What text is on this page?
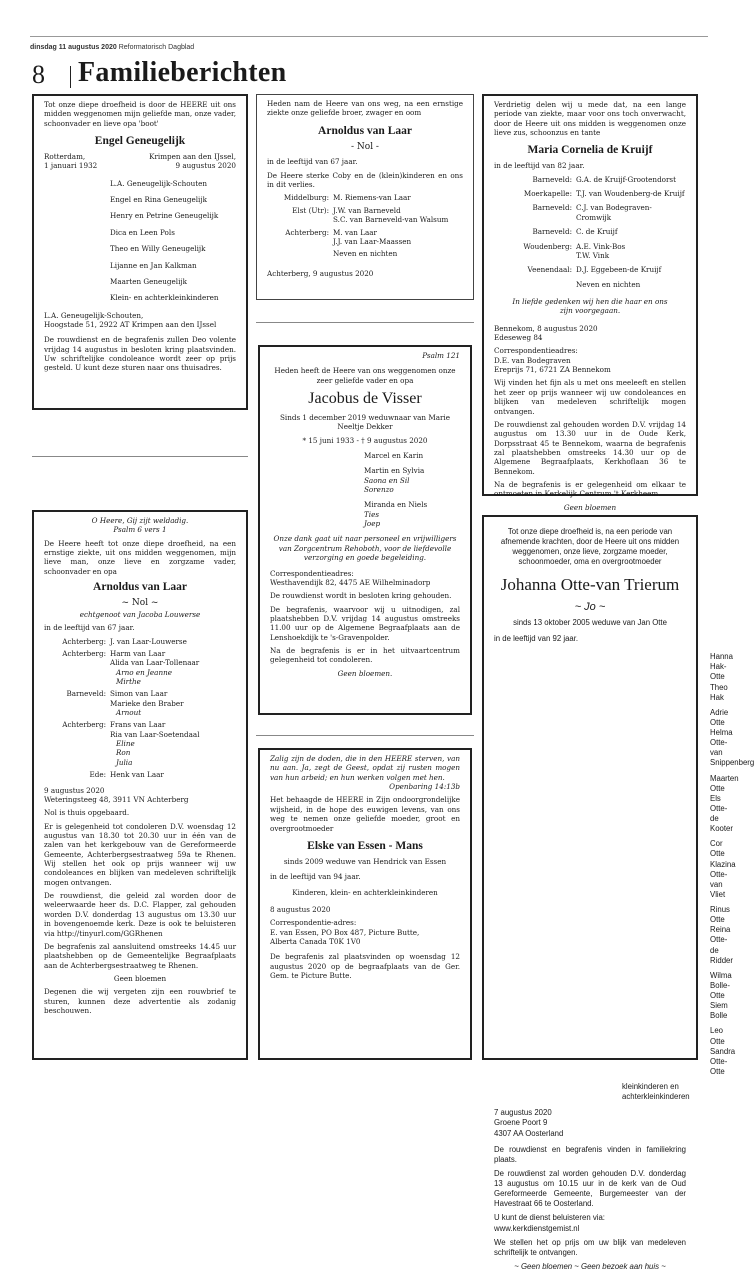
dinsdag 11 augustus 2020 Reformatorisch Dagblad
8 Familieberichten

Tot onze diepe droefheid is door de HEERE uit ons midden weggenomen mijn geliefde man, onze vader, schoonvader en lieve opa 'boot'

Engel Geneugelijk
Rotterdam,
1 januari 1932
Krimpen aan den IJssel,
9 augustus 2020
L.A. Geneugelijk-Schouten
Engel en Rina Geneugelijk
Henry en Petrine Geneugelijk
Dica en Leen Pols
Theo en Willy Geneugelijk
Lijanne en Jan Kalkman
Maarten Geneugelijk
Klein- en achterkleinkinderen
L.A. Geneugelijk-Schouten,
Hoogstade 51, 2922 AT Krimpen aan den IJssel

De rouwdienst en de begrafenis zullen Deo volente vrijdag 14 augustus in besloten kring plaatsvinden. Uw schriftelijke condoleance wordt zeer op prijs gesteld. U kunt deze sturen naar ons thuisadres.

Heden nam de Heere van ons weg, na een ernstige ziekte onze geliefde broer, zwager en oom

Arnoldus van Laar
- Nol -

in de leeftijd van 67 jaar.

De Heere sterke Coby en de (klein)kinderen en ons in dit verlies.

Middelburg: M. Riemens-van Laar
Elst (Utr): J.W. van Barneveld
S.C. van Barneveld-van Walsum
Achterberg: M. van Laar
J.J. van Laar-Maassen
Neven en nichten

Achterberg, 9 augustus 2020

Psalm 121

Heden heeft de Heere van ons weggenomen onze zeer geliefde vader en opa

Jacobus de Visser

Sinds 1 december 2019 weduwnaar van Marie Neeltje Dekker

* 15 juni 1933 - † 9 augustus 2020

Marcel en Karin
Martin en Sylvia
Saona en Sil
Sorenzo
Miranda en Niels
Ties
Joep

Onze dank gaat uit naar personeel en vrijwilligers van Zorgcentrum Rehoboth, voor de liefdevolle verzorging en goede begeleiding.

Correspondentieadres:

Westhavendijk 82, 4475 AE Wilhelminadorp

De rouwdienst wordt in besloten kring gehouden.

De begrafenis, waarvoor wij u uitnodigen, zal plaatshebben D.V. vrijdag 14 augustus omstreeks 11.00 uur op de Algemene Begraafplaats aan de Lenshoekdijk te 's-Gravenpolder.

Na de begrafenis is er in het uitvaartcentrum gelegenheid tot condoleren.

Geen bloemen.

Verdrietig delen wij u mede dat, na een lange periode van ziekte, maar voor ons toch onverwacht, door de Heere uit ons midden is weggenomen onze lieve zus, schoonzus en tante

Maria Cornelia de Kruijf

in de leeftijd van 82 jaar.

Barneveld: G.A. de Kruijf-Grootendorst
Moerkapelle: T.J. van Woudenberg-de Kruijf
Barneveld: C.J. van Bodegraven-Cromwijk
Barneveld: C. de Kruijf
Woudenberg: A.E. Vink-Bos
T.W. Vink
Veenendaal: D.J. Eggebeen-de Kruijf
Neven en nichten

In liefde gedenken wij hen die haar en ons zijn voorgegaan.

Bennekom, 8 augustus 2020
Edeseweg 84
Correspondentieadres:
D.E. van Bodegraven
Ereprijs 71, 6721 ZA Bennekom

Wij vinden het fijn als u met ons meeleeft en stellen het zeer op prijs wanneer wij uw condoleances en blijken van medeleven schriftelijk mogen ontvangen.

De rouwdienst zal gehouden worden D.V. vrijdag 14 augustus om 13.30 uur in de Oude Kerk, Dorpsstraat 45 te Bennekom, waarna de begrafenis zal plaatshebben omstreeks 14.30 uur op de Algemene Begraafplaats, Kerkhoflaan 36 te Bennekom.

Na de begrafenis is er gelegenheid om elkaar te ontmoeten in Kerkelijk Centrum 't Kerkheem.

Geen bloemen

O Heere, Gij zijt weldadig.
Psalm 6 vers 1

De Heere heeft tot onze diepe droefheid, na een ernstige ziekte, uit ons midden weggenomen, mijn lieve man, onze lieve en zorgzame vader, schoonvader en opa

Arnoldus van Laar
~ Nol ~
echtgenoot van Jacoba Louwerse

in de leeftijd van 67 jaar.

Achterberg: J. van Laar-Louwerse
Achterberg: Harm van Laar
Alida van Laar-Tollenaar
Arno en Jeanne
Mirthe
Barneveld: Simon van Laar
Marieke den Braber
Arnout
Achterberg: Frans van Laar
Ria van Laar-Soetendaal
Eline
Ron
Julia
Ede: Henk van Laar
9 augustus 2020
Weteringsteeg 48, 3911 VN Achterberg

Nol is thuis opgebaard.

Er is gelegenheid tot condoleren D.V. woensdag 12 augustus van 18.30 tot 20.30 uur in één van de zalen van het kerkgebouw van de Gereformeerde Gemeente, Achterbergsestraatweg 59a te Rhenen. Wij stellen het ook op prijs wanneer wij uw condoleances en blijken van medeleven schriftelijk mogen ontvangen.

De rouwdienst, die geleid zal worden door de weleerwaarde heer ds. D.C. Flapper, zal gehouden worden D.V. donderdag 13 augustus om 13.30 uur in bovengenoemde kerk. Deze is ook te beluisteren via http://tinyurl.com/GGRhenen

De begrafenis zal aansluitend omstreeks 14.45 uur plaatshebben op de Gemeentelijke Begraafplaats aan de Achterbergsestraatweg te Rhenen.

Geen bloemen

Degenen die wij vergeten zijn een rouwbrief te sturen, kunnen deze advertentie als zodanig beschouwen.

Zalig zijn de doden, die in den HEERE sterven, van nu aan. Ja, zegt de Geest, opdat zij rusten mogen van hun arbeid; en hun werken volgen met hen.

Openbaring 14:13b

Het behaagde de HEERE in Zijn ondoorgrondelijke wijsheid, in de hope des euwigen levens, van ons weg te nemen onze geliefde moeder, groot en overgrootmoeder

Elske van Essen - Mans
sinds 2009 weduwe van Hendrick van Essen

in de leeftijd van 94 jaar.

Kinderen, klein- en achterkleinkinderen

8 augustus 2020
Correspondentie-adres:
E. van Essen, PO Box 487, Picture Butte,
Alberta Canada T0K 1V0

De begrafenis zal plaatsvinden op woensdag 12 augustus 2020 op de begraafplaats van de Ger. Gem. te Picture Butte.

Tot onze diepe droefheid is, na een periode van afnemende krachten, door de Heere uit ons midden weggenomen, onze lieve, zorgzame moeder, schoonmoeder, oma en overgrootmoeder

Johanna Otte-van Trierum
~ Jo ~

sinds 13 oktober 2005 weduwe van Jan Otte

in de leeftijd van 92 jaar.

Hanna Hak-Otte
Theo Hak
Adrie Otte
Helma Otte-van Snippenberg
Maarten Otte
Els Otte-de Kooter
Cor Otte
Klazina Otte-van Vliet
Rinus Otte
Reina Otte-de Ridder
Wilma Bolle-Otte
Siem Bolle
Leo Otte
Sandra Otte-Otte
kleinkinderen en achterkleinkinderen
7 augustus 2020
Groene Poort 9
4307 AA Oosterland

De rouwdienst en begrafenis vinden in familiekring plaats.

De rouwdienst zal worden gehouden D.V. donderdag 13 augustus om 10.15 uur in de kerk van de Oud Gereformeerde Gemeente, Burgemeester van der Havestraat 66 te Oosterland.

U kunt de dienst beluisteren via:
www.kerkdienstgemist.nl

We stellen het op prijs om uw blijk van medeleven schriftelijk te ontvangen.

~ Geen bloemen ~ Geen bezoek aan huis ~
